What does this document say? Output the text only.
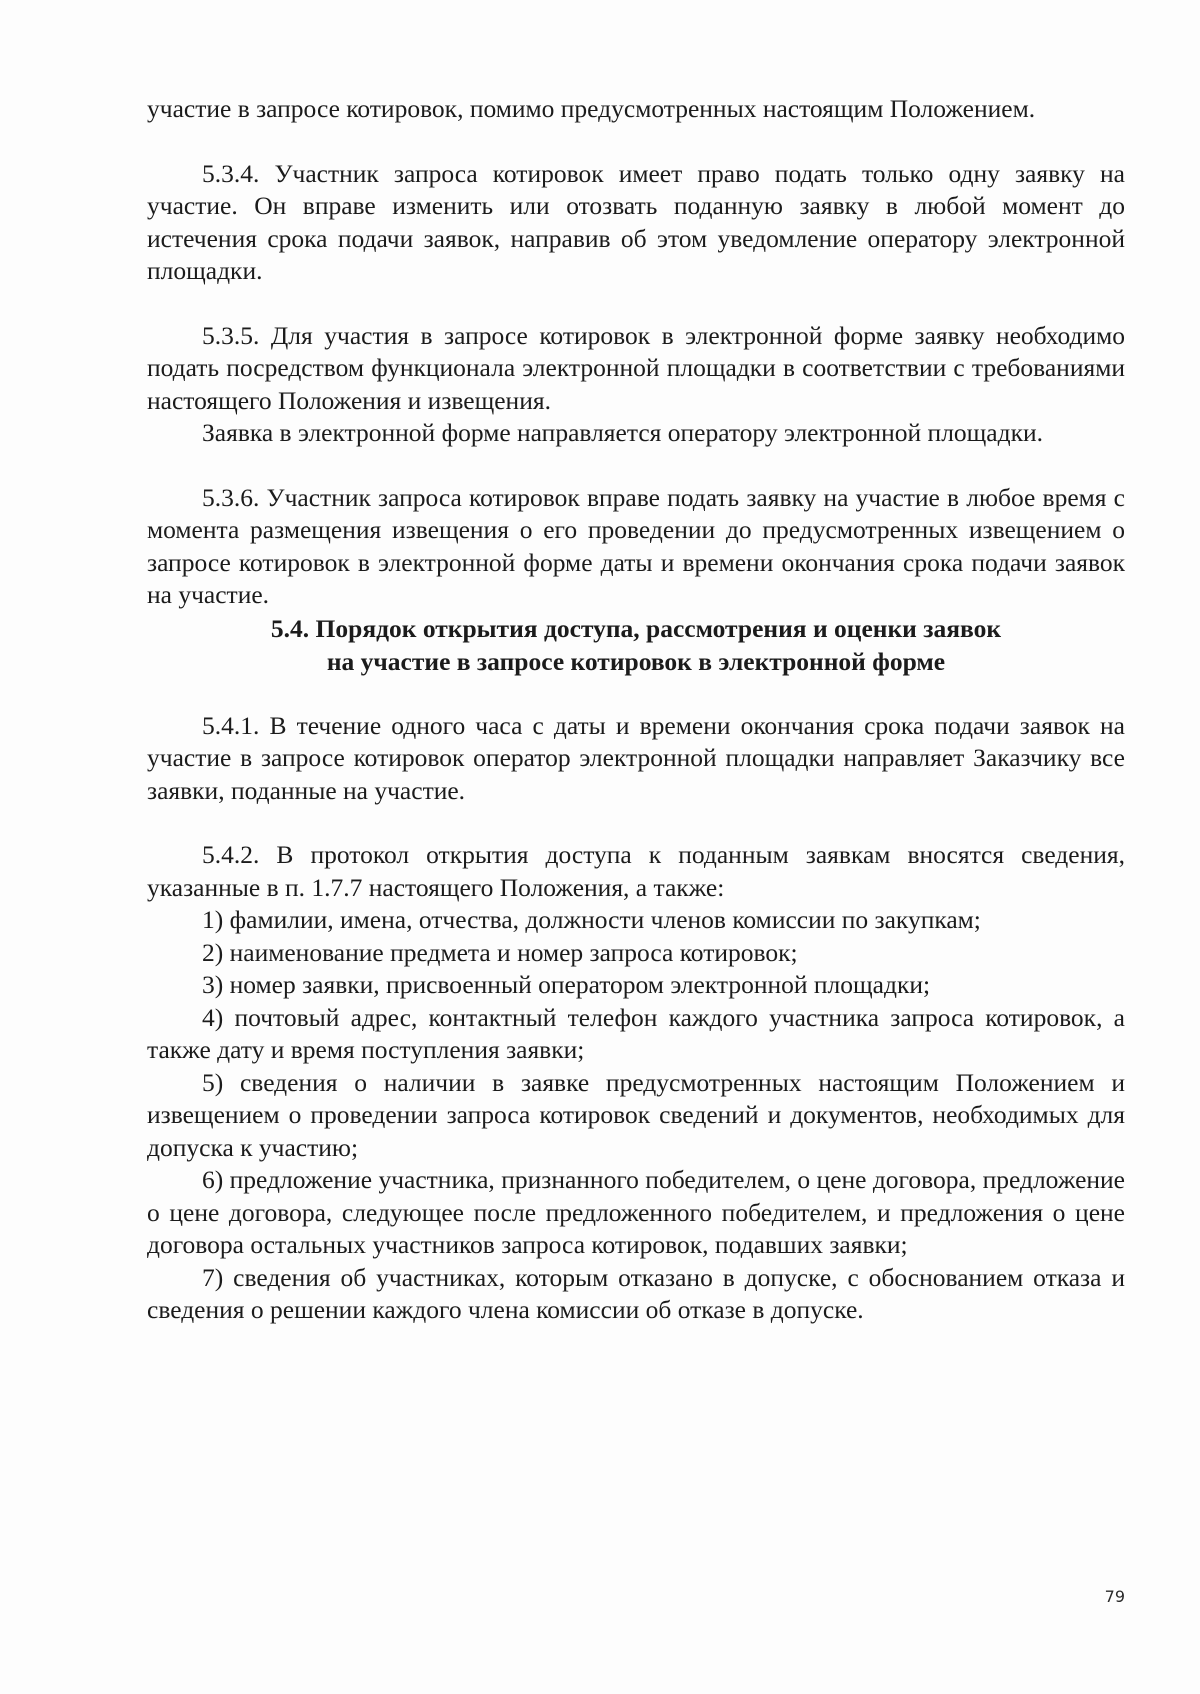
участие в запросе котировок, помимо предусмотренных настоящим Положением.

5.3.4. Участник запроса котировок имеет право подать только одну заявку на участие. Он вправе изменить или отозвать поданную заявку в любой момент до истечения срока подачи заявок, направив об этом уведомление оператору электронной площадки.

5.3.5. Для участия в запросе котировок в электронной форме заявку необходимо подать посредством функционала электронной площадки в соответствии с требованиями настоящего Положения и извещения.

Заявка в электронной форме направляется оператору электронной площадки.

5.3.6. Участник запроса котировок вправе подать заявку на участие в любое время с момента размещения извещения о его проведении до предусмотренных извещением о запросе котировок в электронной форме даты и времени окончания срока подачи заявок на участие.

5.4. Порядок открытия доступа, рассмотрения и оценки заявок
на участие в запросе котировок в электронной форме

5.4.1. В течение одного часа с даты и времени окончания срока подачи заявок на участие в запросе котировок оператор электронной площадки направляет Заказчику все заявки, поданные на участие.

5.4.2. В протокол открытия доступа к поданным заявкам вносятся сведения, указанные в п. 1.7.7 настоящего Положения, а также:

1) фамилии, имена, отчества, должности членов комиссии по закупкам;

2) наименование предмета и номер запроса котировок;

3) номер заявки, присвоенный оператором электронной площадки;

4) почтовый адрес, контактный телефон каждого участника запроса котировок, а также дату и время поступления заявки;

5) сведения о наличии в заявке предусмотренных настоящим Положением и извещением о проведении запроса котировок сведений и документов, необходимых для допуска к участию;

6) предложение участника, признанного победителем, о цене договора, предложение о цене договора, следующее после предложенного победителем, и предложения о цене договора остальных участников запроса котировок, подавших заявки;

7) сведения об участниках, которым отказано в допуске, с обоснованием отказа и сведения о решении каждого члена комиссии об отказе в допуске.

79
